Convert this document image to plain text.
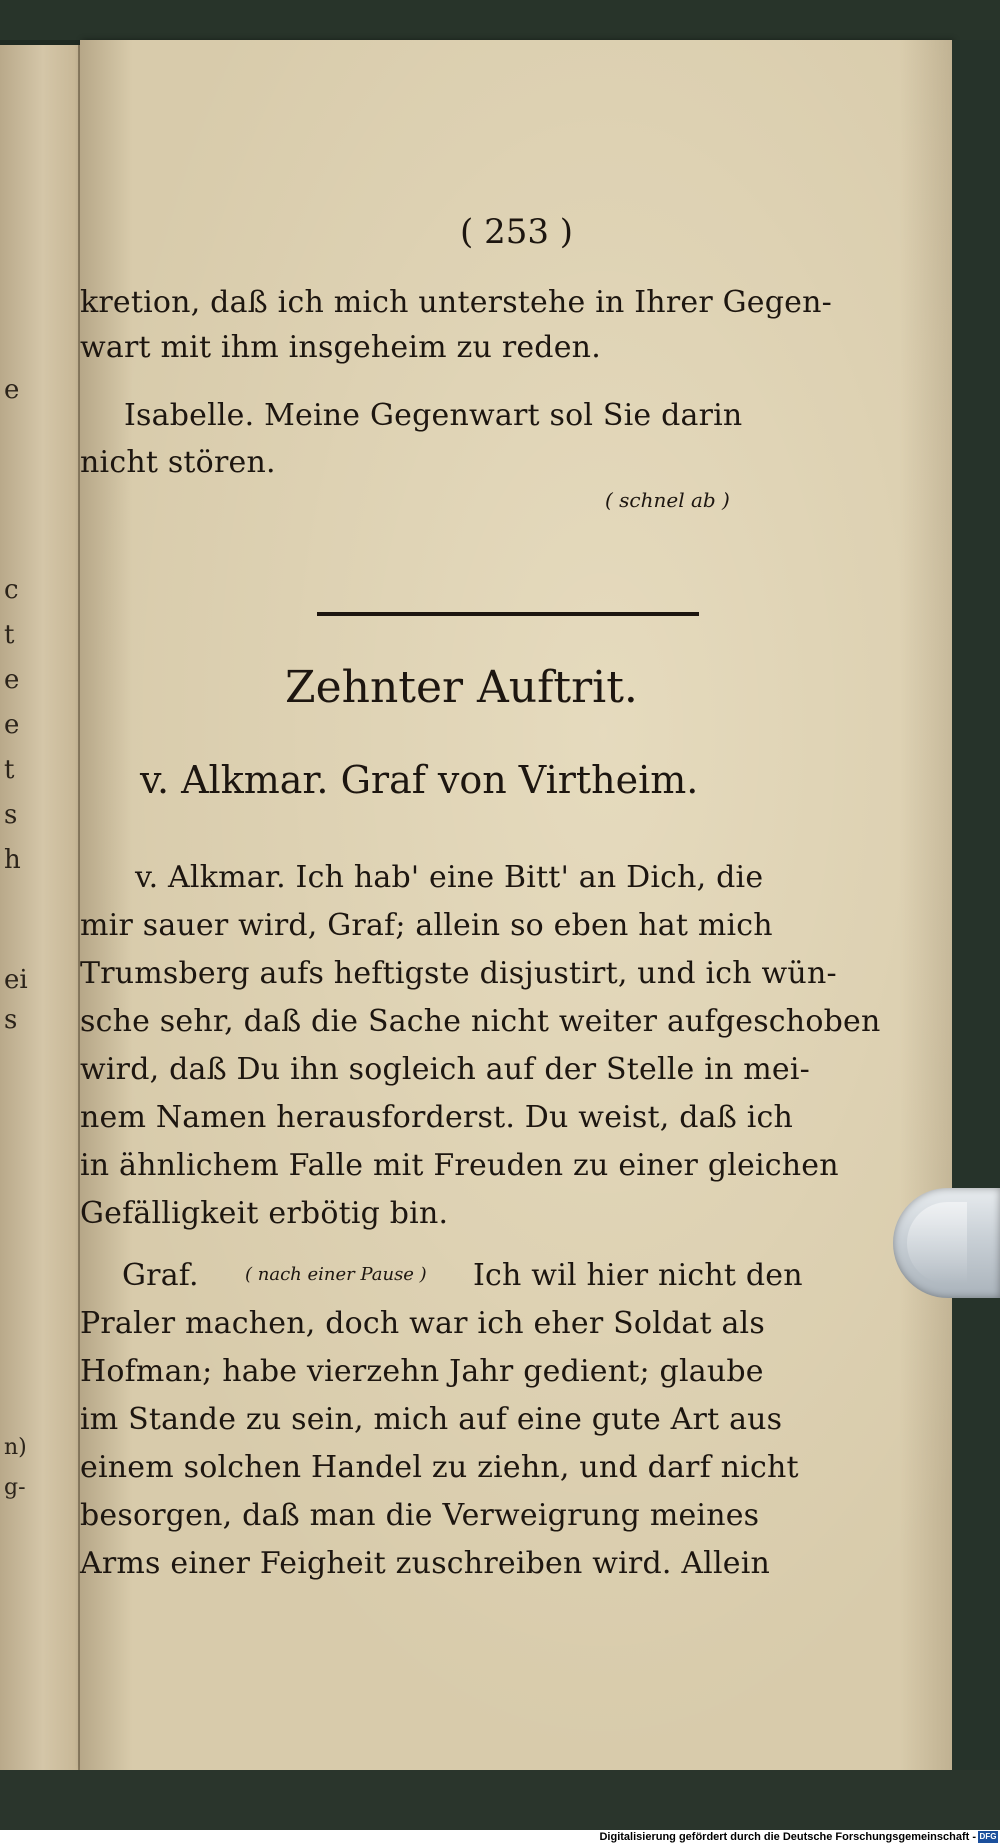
e
c
t
e
e
t
s
h
ei
s
n)
g-
( 253 )
kretion, daß ich mich unterstehe in Ihrer Gegen-
wart mit ihm insgeheim zu reden.
Isabelle. Meine Gegenwart sol Sie darin
nicht stören.
( schnel ab )
Zehnter Auftrit.
v. Alkmar. Graf von Virtheim.
v. Alkmar. Ich hab' eine Bitt' an Dich, die
mir sauer wird, Graf; allein so eben hat mich
Trumsberg aufs heftigste disjustirt, und ich wün-
sche sehr, daß die Sache nicht weiter aufgeschoben
wird, daß Du ihn sogleich auf der Stelle in mei-
nem Namen herausforderst. Du weist, daß ich
in ähnlichem Falle mit Freuden zu einer gleichen
Gefälligkeit erbötig bin.
Graf.	( nach einer Pause ) Ich wil hier nicht den
Praler machen, doch war ich eher Soldat als
Hofman; habe vierzehn Jahr gedient; glaube
im Stande zu sein, mich auf eine gute Art aus
einem solchen Handel zu ziehn, und darf nicht
besorgen, daß man die Verweigrung meines
Arms einer Feigheit zuschreiben wird. Allein
Digitalisierung gefördert durch die Deutsche Forschungsgemeinschaft - DFG
